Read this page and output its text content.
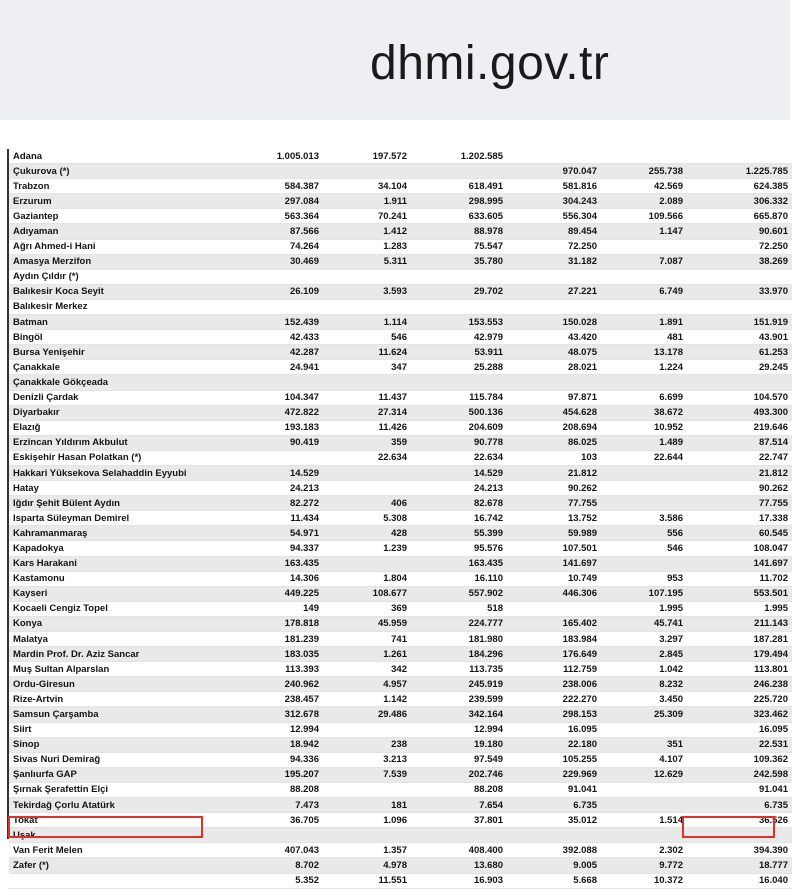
dhmi.gov.tr
Adana	1.005.013	197.572	1.202.585			
Çukurova (*)				970.047	255.738	1.225.785
Trabzon	584.387	34.104	618.491	581.816	42.569	624.385
Erzurum	297.084	1.911	298.995	304.243	2.089	306.332
Gaziantep	563.364	70.241	633.605	556.304	109.566	665.870
Adıyaman	87.566	1.412	88.978	89.454	1.147	90.601
Ağrı Ahmed-i Hani	74.264	1.283	75.547	72.250		72.250
Amasya Merzifon	30.469	5.311	35.780	31.182	7.087	38.269
Aydın Çıldır (*)						
Balıkesir Koca Seyit	26.109	3.593	29.702	27.221	6.749	33.970
Balıkesir Merkez						
Batman	152.439	1.114	153.553	150.028	1.891	151.919
Bingöl	42.433	546	42.979	43.420	481	43.901
Bursa Yenişehir	42.287	11.624	53.911	48.075	13.178	61.253
Çanakkale	24.941	347	25.288	28.021	1.224	29.245
Çanakkale Gökçeada						
Denizli Çardak	104.347	11.437	115.784	97.871	6.699	104.570
Diyarbakır	472.822	27.314	500.136	454.628	38.672	493.300
Elazığ	193.183	11.426	204.609	208.694	10.952	219.646
Erzincan Yıldırım Akbulut	90.419	359	90.778	86.025	1.489	87.514
Eskişehir Hasan Polatkan (*)		22.634	22.634	103	22.644	22.747
Hakkari Yüksekova Selahaddin Eyyubi	14.529		14.529	21.812		21.812
Hatay	24.213		24.213	90.262		90.262
Iğdır Şehit Bülent Aydın	82.272	406	82.678	77.755		77.755
Isparta Süleyman Demirel	11.434	5.308	16.742	13.752	3.586	17.338
Kahramanmaraş	54.971	428	55.399	59.989	556	60.545
Kapadokya	94.337	1.239	95.576	107.501	546	108.047
Kars Harakani	163.435		163.435	141.697		141.697
Kastamonu	14.306	1.804	16.110	10.749	953	11.702
Kayseri	449.225	108.677	557.902	446.306	107.195	553.501
Kocaeli Cengiz Topel	149	369	518		1.995	1.995
Konya	178.818	45.959	224.777	165.402	45.741	211.143
Malatya	181.239	741	181.980	183.984	3.297	187.281
Mardin Prof. Dr. Aziz Sancar	183.035	1.261	184.296	176.649	2.845	179.494
Muş Sultan Alparslan	113.393	342	113.735	112.759	1.042	113.801
Ordu-Giresun	240.962	4.957	245.919	238.006	8.232	246.238
Rize-Artvin	238.457	1.142	239.599	222.270	3.450	225.720
Samsun Çarşamba	312.678	29.486	342.164	298.153	25.309	323.462
Siirt	12.994		12.994	16.095		16.095
Sinop	18.942	238	19.180	22.180	351	22.531
Sivas Nuri Demirağ	94.336	3.213	97.549	105.255	4.107	109.362
Şanlıurfa GAP	195.207	7.539	202.746	229.969	12.629	242.598
Şırnak Şerafettin Elçi	88.208		88.208	91.041		91.041
Tekirdağ Çorlu Atatürk	7.473	181	7.654	6.735		6.735
Tokat	36.705	1.096	37.801	35.012	1.514	36.526
Uşak						
Van Ferit Melen	407.043	1.357	408.400	392.088	2.302	394.390
Zafer (*)	8.702	4.978	13.680	9.005	9.772	18.777
	5.352	11.551	16.903	5.668	10.372	16.040
